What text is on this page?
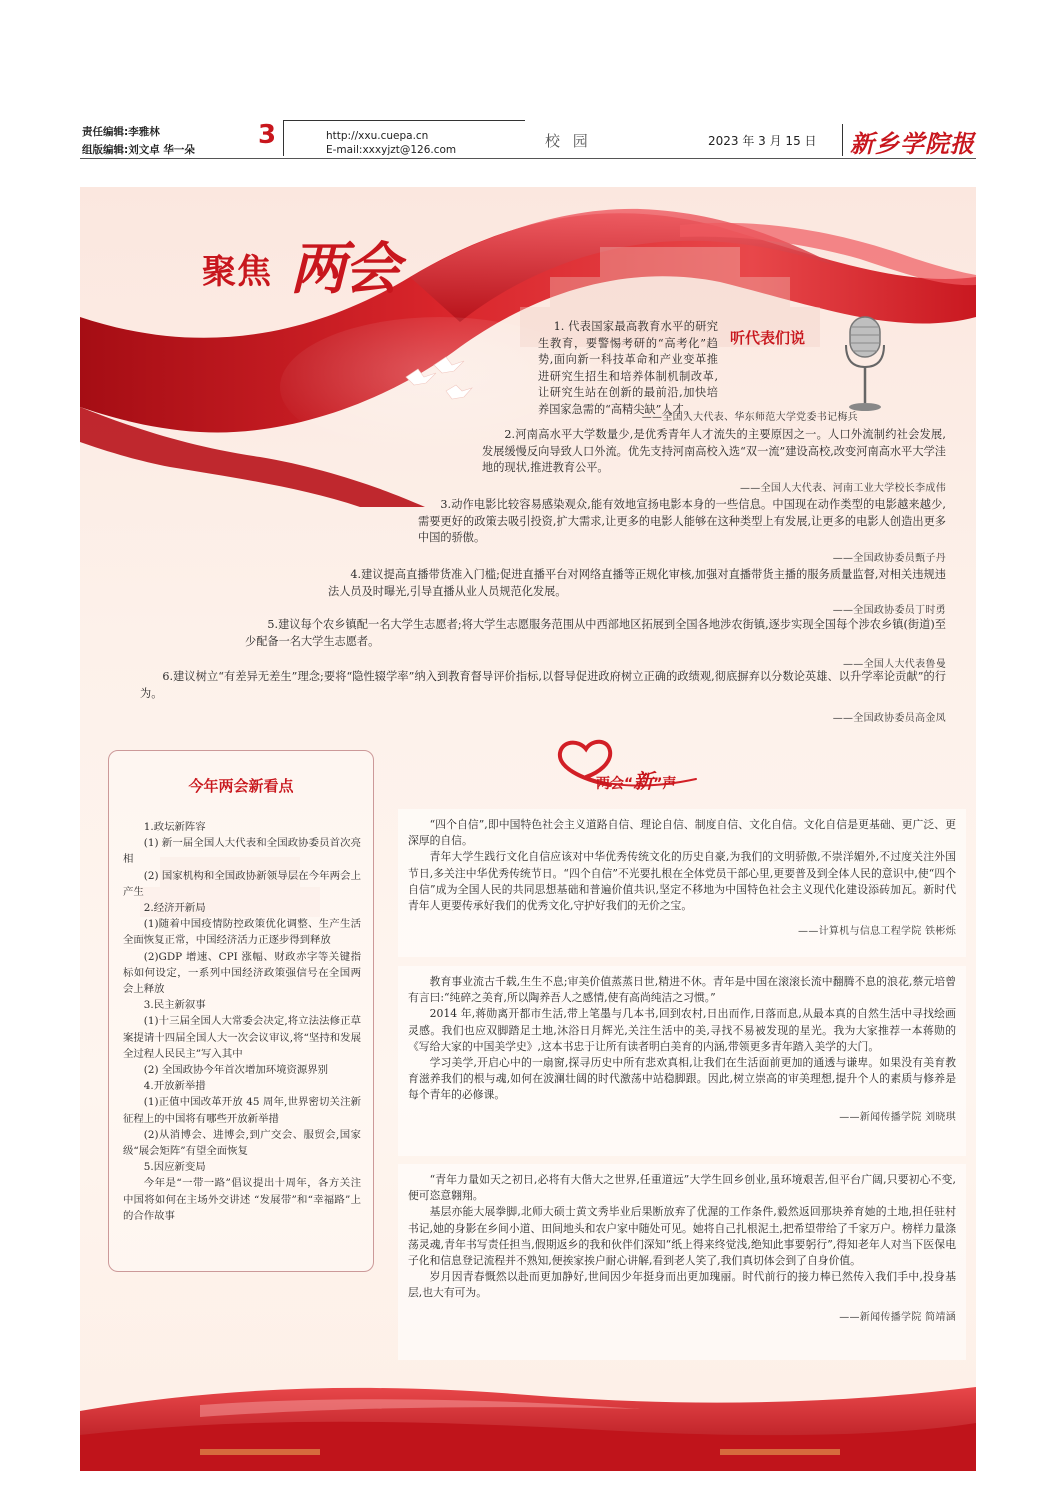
责任编辑:李雅林
组版编辑:刘文卓 华一朵 3	http://xxu.cuepa.cn
E-mail:xxxyjzt@126.com	校 园	2023 年 3 月 15 日 新乡学院报
聚焦 两会
听代表们说

1. 代表国家最高教育水平的研究生教育，要警惕考研的“高考化”趋势,面向新一科技革命和产业变革推进研究生招生和培养体制机制改革,让研究生站在创新的最前沿,加快培养国家急需的“高精尖缺”人才。

——全国人大代表、华东师范大学党委书记梅兵

2.河南高水平大学数量少,是优秀青年人才流失的主要原因之一。人口外流制约社会发展,发展缓慢反向导致人口外流。优先支持河南高校入选“双一流”建设高校,改变河南高水平大学洼地的现状,推进教育公平。

——全国人大代表、河南工业大学校长李成伟

3.动作电影比较容易感染观众,能有效地宣扬电影本身的一些信息。中国现在动作类型的电影越来越少,需要更好的政策去吸引投资,扩大需求,让更多的电影人能够在这种类型上有发展,让更多的电影人创造出更多中国的骄傲。

——全国政协委员甄子丹

4.建议提高直播带货准入门槛;促进直播平台对网络直播等正规化审核,加强对直播带货主播的服务质量监督,对相关违规违法人员及时曝光,引导直播从业人员规范化发展。

——全国政协委员丁时勇

5.建议每个农乡镇配一名大学生志愿者;将大学生志愿服务范围从中西部地区拓展到全国各地涉农街镇,逐步实现全国每个涉农乡镇(街道)至少配备一名大学生志愿者。

——全国人大代表鲁曼

6.建议树立“有差异无差生”理念;要将“隐性辍学率”纳入到教育督导评价指标,以督导促进政府树立正确的政绩观,彻底摒弃以分数论英雄、以升学率论贡献”的行为。

——全国政协委员高金凤
今年两会新看点

1.政坛新阵容

(1) 新一届全国人大代表和全国政协委员首次亮相

(2) 国家机构和全国政协新领导层在今年两会上产生

2.经济开新局

(1)随着中国疫情防控政策优化调整、生产生活全面恢复正常，中国经济活力正逐步得到释放

(2)GDP 增速、CPI 涨幅、财政赤字等关键指标如何设定，一系列中国经济政策强信号在全国两会上释放

3.民主新叙事

(1)十三届全国人大常委会决定,将立法法修正草案提请十四届全国人大一次会议审议,将“坚持和发展全过程人民民主”写入其中

(2) 全国政协今年首次增加环境资源界别

4.开放新举措

(1)正值中国改革开放 45 周年,世界密切关注新征程上的中国将有哪些开放新举措

(2)从消博会、进博会,到广交会、服贸会,国家级“展会矩阵”有望全面恢复

5.因应新变局

今年是“一带一路”倡议提出十周年，各方关注中国将如何在主场外交讲述 “发展带”和“幸福路”上的合作故事

两会“新”声

“四个自信”,即中国特色社会主义道路自信、理论自信、制度自信、文化自信。文化自信是更基础、更广泛、更深厚的自信。

青年大学生践行文化自信应该对中华优秀传统文化的历史自豪,为我们的文明骄傲,不崇洋媚外,不过度关注外国节日,多关注中华优秀传统节日。“四个自信”不光要扎根在全体党员干部心里,更要普及到全体人民的意识中,使“四个自信”成为全国人民的共同思想基础和普遍价值共识,坚定不移地为中国特色社会主义现代化建设添砖加瓦。新时代青年人更要传承好我们的优秀文化,守护好我们的无价之宝。

——计算机与信息工程学院 铁彬烁

教育事业流古千载,生生不息;审美价值蒸蒸日世,精进不休。青年是中国在滚滚长流中翻腾不息的浪花,蔡元培曾有言曰:“纯碎之美育,所以陶养吾人之感情,使有高尚纯洁之习惯。”

2014 年,蒋勋离开都市生活,带上笔墨与几本书,回到农村,日出而作,日落而息,从最本真的自然生活中寻找绘画灵感。我们也应双脚踏足土地,沐浴日月辉光,关注生活中的美,寻找不易被发现的星光。我为大家推荐一本蒋勋的《写给大家的中国美学史》,这本书忠于让所有读者明白美育的内涵,带领更多青年踏入美学的大门。

学习美学,开启心中的一扇窗,探寻历史中所有悲欢真相,让我们在生活面前更加的通透与谦卑。如果没有美育教育滋养我们的根与魂,如何在波澜壮阔的时代激荡中站稳脚跟。因此,树立崇高的审美理想,提升个人的素质与修养是每个青年的必修课。

——新闻传播学院 刘晓琪

“青年力量如天之初日,必将有大偕大之世界,任重道远”大学生回乡创业,虽环境艰苦,但平台广阔,只要初心不变,便可恣意翱翔。

基层亦能大展拳脚,北师大硕士黄文秀毕业后果断放弃了优渥的工作条件,毅然返回那块养育她的土地,担任驻村书记,她的身影在乡间小道、田间地头和农户家中随处可见。她将自己扎根泥土,把希望带给了千家万户。榜样力量涤荡灵魂,青年书写责任担当,假期返乡的我和伙伴们深知“纸上得来终觉浅,绝知此事要躬行”,得知老年人对当下医保电子化和信息登记流程并不熟知,便挨家挨户耐心讲解,看到老人笑了,我们真切体会到了自身价值。

岁月因青春慨然以赴而更加静好,世间因少年挺身而出更加瑰丽。时代前行的接力棒已然传入我们手中,投身基层,也大有可为。

——新闻传播学院 简靖涵
